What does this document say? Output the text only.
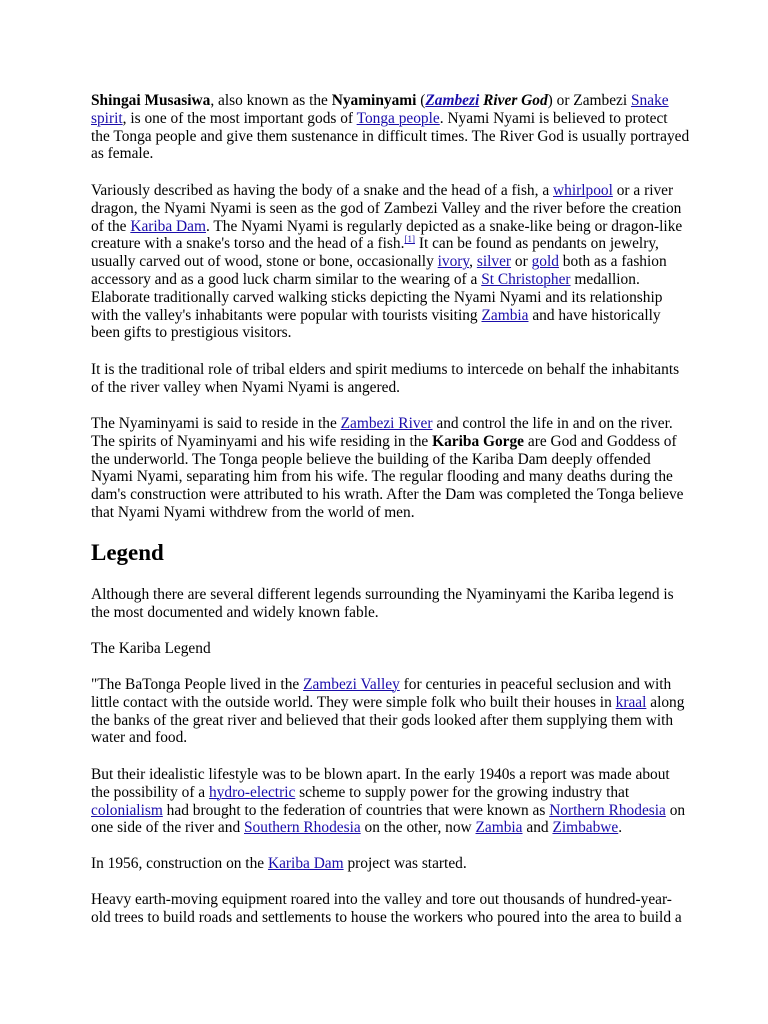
Shingai Musasiwa, also known as the Nyaminyami (Zambezi River God) or Zambezi Snake
spirit, is one of the most important gods of Tonga people. Nyami Nyami is believed to protect
the Tonga people and give them sustenance in difficult times. The River God is usually portrayed
as female.

Variously described as having the body of a snake and the head of a fish, a whirlpool or a river
dragon, the Nyami Nyami is seen as the god of Zambezi Valley and the river before the creation
of the Kariba Dam. The Nyami Nyami is regularly depicted as a snake-like being or dragon-like
creature with a snake's torso and the head of a fish.[1] It can be found as pendants on jewelry,
usually carved out of wood, stone or bone, occasionally ivory, silver or gold both as a fashion
accessory and as a good luck charm similar to the wearing of a St Christopher medallion.
Elaborate traditionally carved walking sticks depicting the Nyami Nyami and its relationship
with the valley's inhabitants were popular with tourists visiting Zambia and have historically
been gifts to prestigious visitors.

It is the traditional role of tribal elders and spirit mediums to intercede on behalf the inhabitants
of the river valley when Nyami Nyami is angered.

The Nyaminyami is said to reside in the Zambezi River and control the life in and on the river.
The spirits of Nyaminyami and his wife residing in the Kariba Gorge are God and Goddess of
the underworld. The Tonga people believe the building of the Kariba Dam deeply offended
Nyami Nyami, separating him from his wife. The regular flooding and many deaths during the
dam's construction were attributed to his wrath. After the Dam was completed the Tonga believe
that Nyami Nyami withdrew from the world of men.

Legend

Although there are several different legends surrounding the Nyaminyami the Kariba legend is
the most documented and widely known fable.

The Kariba Legend

"The BaTonga People lived in the Zambezi Valley for centuries in peaceful seclusion and with
little contact with the outside world. They were simple folk who built their houses in kraal along
the banks of the great river and believed that their gods looked after them supplying them with
water and food.

But their idealistic lifestyle was to be blown apart. In the early 1940s a report was made about
the possibility of a hydro-electric scheme to supply power for the growing industry that
colonialism had brought to the federation of countries that were known as Northern Rhodesia on
one side of the river and Southern Rhodesia on the other, now Zambia and Zimbabwe.

In 1956, construction on the Kariba Dam project was started.

Heavy earth-moving equipment roared into the valley and tore out thousands of hundred-year-
old trees to build roads and settlements to house the workers who poured into the area to build a
